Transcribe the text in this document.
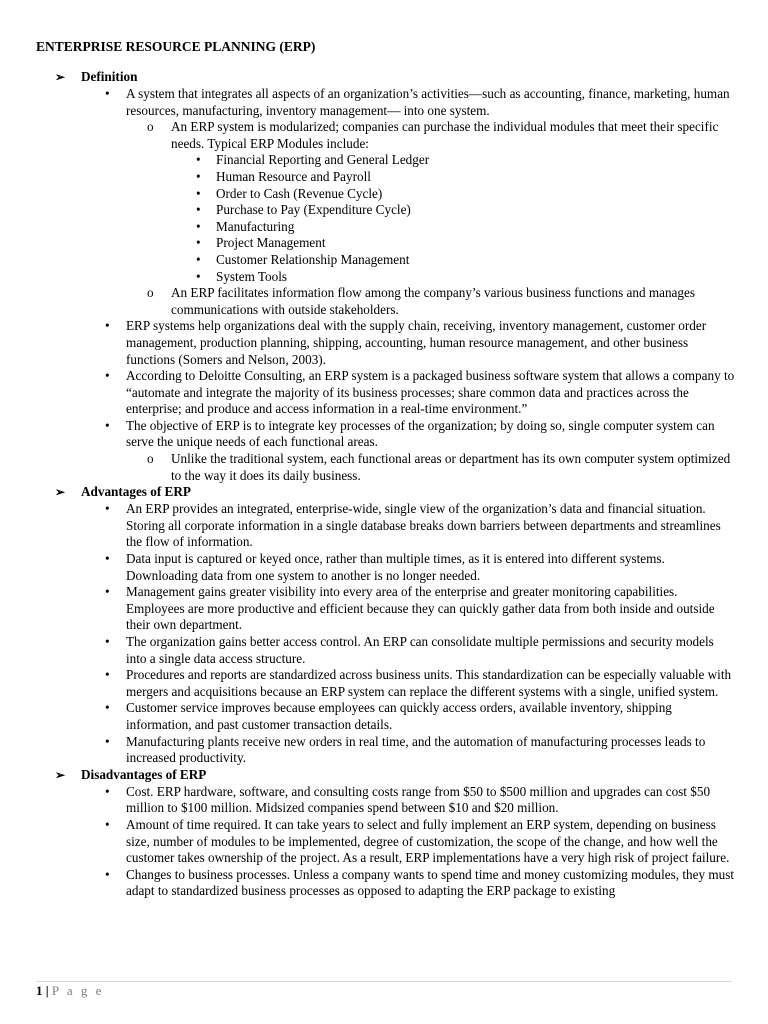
ENTERPRISE RESOURCE PLANNING (ERP)
➢ Definition
• A system that integrates all aspects of an organization’s activities—such as accounting, finance, marketing, human resources, manufacturing, inventory management— into one system.
o An ERP system is modularized; companies can purchase the individual modules that meet their specific needs. Typical ERP Modules include:
• Financial Reporting and General Ledger
• Human Resource and Payroll
• Order to Cash (Revenue Cycle)
• Purchase to Pay (Expenditure Cycle)
• Manufacturing
• Project Management
• Customer Relationship Management
• System Tools
o An ERP facilitates information flow among the company’s various business functions and manages communications with outside stakeholders.
• ERP systems help organizations deal with the supply chain, receiving, inventory management, customer order management, production planning, shipping, accounting, human resource management, and other business functions (Somers and Nelson, 2003).
• According to Deloitte Consulting, an ERP system is a packaged business software system that allows a company to “automate and integrate the majority of its business processes; share common data and practices across the enterprise; and produce and access information in a real-time environment.”
• The objective of ERP is to integrate key processes of the organization; by doing so, single computer system can serve the unique needs of each functional areas.
o Unlike the traditional system, each functional areas or department has its own computer system optimized to the way it does its daily business.
➢ Advantages of ERP
• An ERP provides an integrated, enterprise-wide, single view of the organization’s data and financial situation. Storing all corporate information in a single database breaks down barriers between departments and streamlines the flow of information.
• Data input is captured or keyed once, rather than multiple times, as it is entered into different systems. Downloading data from one system to another is no longer needed.
• Management gains greater visibility into every area of the enterprise and greater monitoring capabilities. Employees are more productive and efficient because they can quickly gather data from both inside and outside their own department.
• The organization gains better access control. An ERP can consolidate multiple permissions and security models into a single data access structure.
• Procedures and reports are standardized across business units. This standardization can be especially valuable with mergers and acquisitions because an ERP system can replace the different systems with a single, unified system.
• Customer service improves because employees can quickly access orders, available inventory, shipping information, and past customer transaction details.
• Manufacturing plants receive new orders in real time, and the automation of manufacturing processes leads to increased productivity.
➢ Disadvantages of ERP
• Cost. ERP hardware, software, and consulting costs range from $50 to $500 million and upgrades can cost $50 million to $100 million. Midsized companies spend between $10 and $20 million.
• Amount of time required. It can take years to select and fully implement an ERP system, depending on business size, number of modules to be implemented, degree of customization, the scope of the change, and how well the customer takes ownership of the project. As a result, ERP implementations have a very high risk of project failure.
• Changes to business processes. Unless a company wants to spend time and money customizing modules, they must adapt to standardized business processes as opposed to adapting the ERP package to existing
1 | P a g e
